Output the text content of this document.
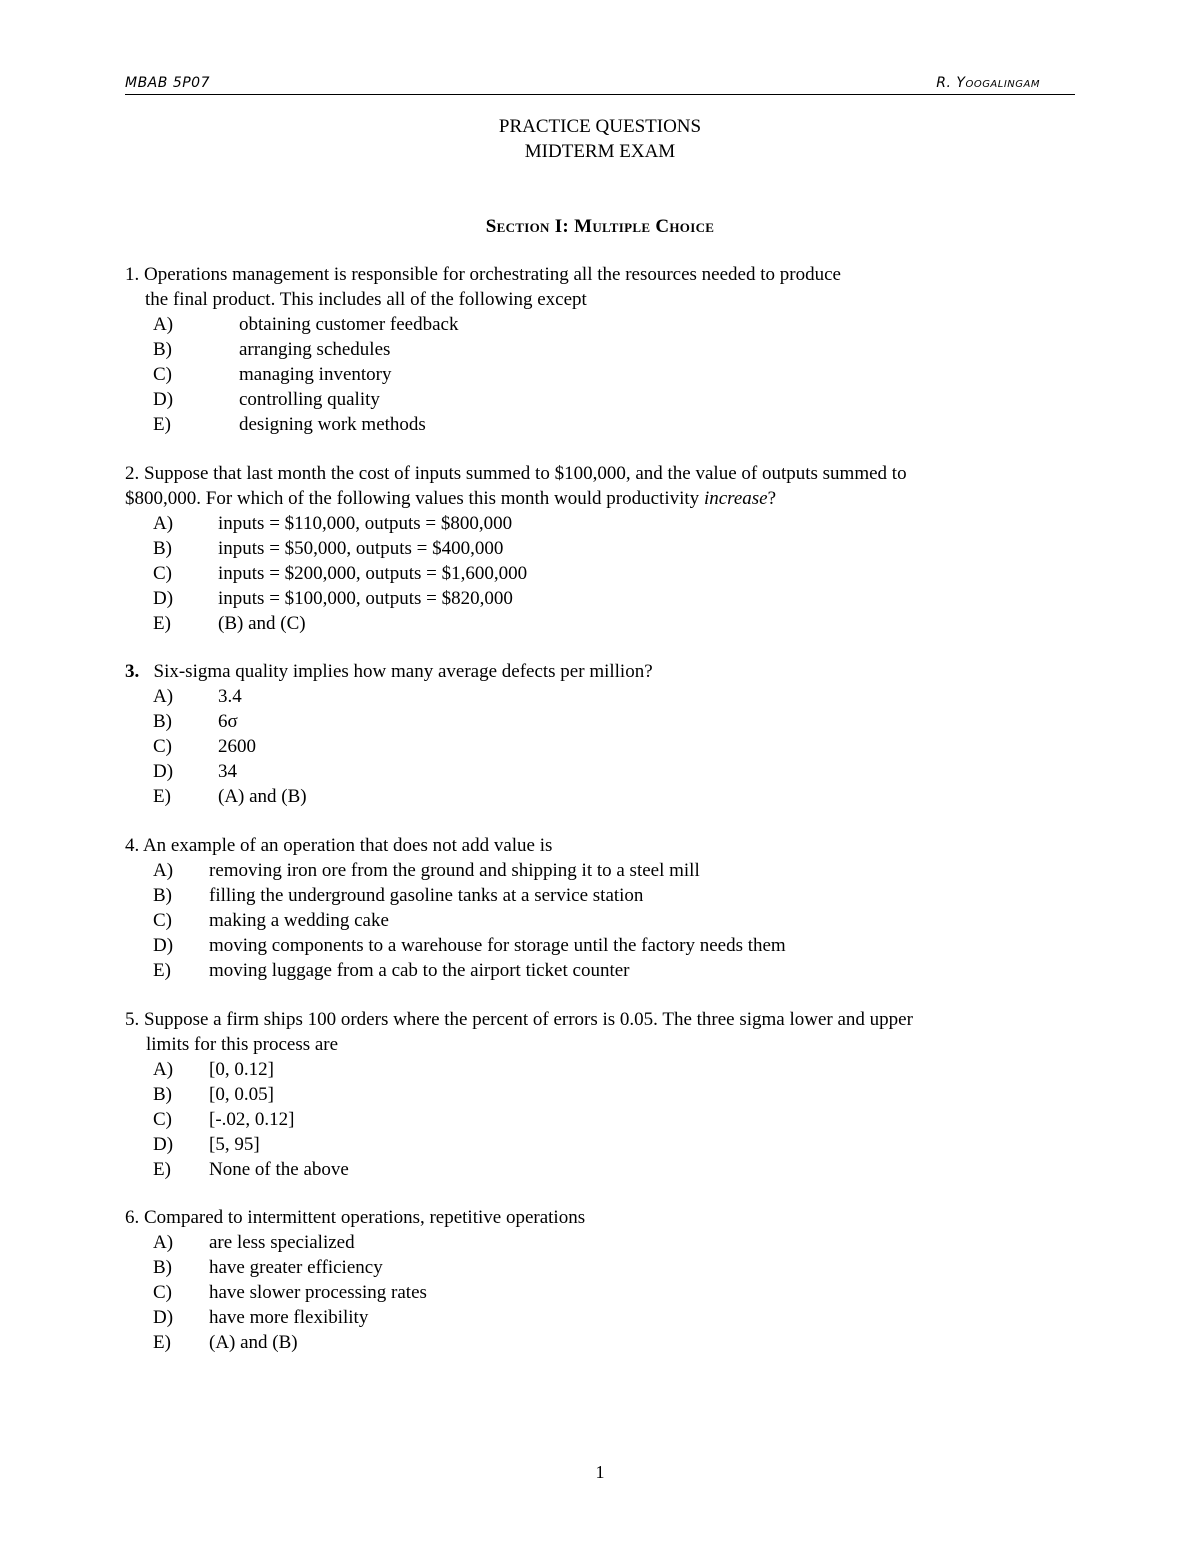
MBAB 5P07	R. Yoogalingam
PRACTICE QUESTIONS
MIDTERM EXAM
Section I: Multiple Choice
1. Operations management is responsible for orchestrating all the resources needed to produce
the final product. This includes all of the following except
A)	obtaining customer feedback
B)	arranging schedules
C)	managing inventory
D)	controlling quality
E)	designing work methods
2. Suppose that last month the cost of inputs summed to $100,000, and the value of outputs summed to
$800,000. For which of the following values this month would productivity increase?
A) inputs = $110,000, outputs = $800,000
B) inputs = $50,000, outputs = $400,000
C) inputs = $200,000, outputs = $1,600,000
D) inputs = $100,000, outputs = $820,000
E) (B) and (C)
3. Six-sigma quality implies how many average defects per million?
A) 3.4
B) 6σ
C) 2600
D) 34
E) (A) and (B)
4. An example of an operation that does not add value is
A) removing iron ore from the ground and shipping it to a steel mill
B) filling the underground gasoline tanks at a service station
C) making a wedding cake
D) moving components to a warehouse for storage until the factory needs them
E) moving luggage from a cab to the airport ticket counter
5. Suppose a firm ships 100 orders where the percent of errors is 0.05. The three sigma lower and upper
limits for this process are
A) [0, 0.12]
B) [0, 0.05]
C) [-.02, 0.12]
D) [5, 95]
E) None of the above
6. Compared to intermittent operations, repetitive operations
A) are less specialized
B) have greater efficiency
C) have slower processing rates
D) have more flexibility
E) (A) and (B)
1
